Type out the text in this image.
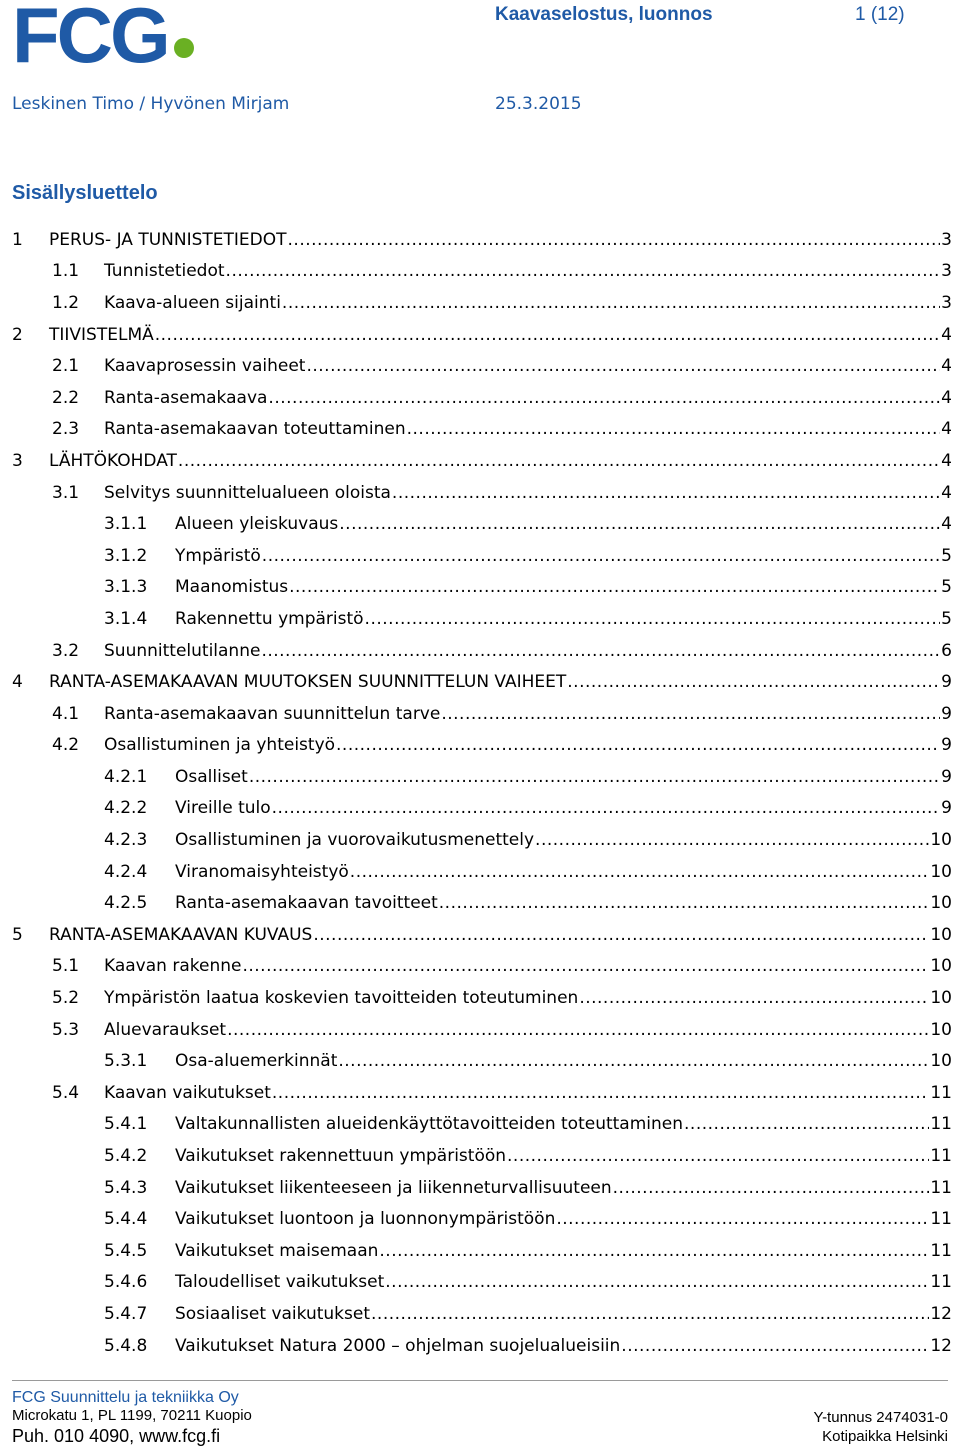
FCG	Kaavaselostus, luonnos	1 (12)
Leskinen Timo / Hyvönen Mirjam	25.3.2015
Sisällysluettelo
1 PERUS- JA TUNNISTETIEDOT .....	3
1.1 Tunnistetiedot .....	3
1.2 Kaava-alueen sijainti .....	3
2 TIIVISTELMÄ .....	4
2.1 Kaavaprosessin vaiheet .....	4
2.2 Ranta-asemakaava .....	4
2.3 Ranta-asemakaavan toteuttaminen .....	4
3 LÄHTÖKOHDAT .....	4
3.1 Selvitys suunnittelualueen oloista .....	4
3.1.1 Alueen yleiskuvaus .....	4
3.1.2 Ympäristö .....	5
3.1.3 Maanomistus .....	5
3.1.4 Rakennettu ympäristö .....	5
3.2 Suunnittelutilanne .....	6
4 RANTA-ASEMAKAAVAN MUUTOKSEN SUUNNITTELUN VAIHEET .....	9
4.1 Ranta-asemakaavan suunnittelun tarve .....	9
4.2 Osallistuminen ja yhteistyö .....	9
4.2.1 Osalliset .....	9
4.2.2 Vireille tulo .....	9
4.2.3 Osallistuminen ja vuorovaikutusmenettely .....	10
4.2.4 Viranomaisyhteistyö .....	10
4.2.5 Ranta-asemakaavan tavoitteet .....	10
5 RANTA-ASEMAKAAVAN KUVAUS .....	10
5.1 Kaavan rakenne .....	10
5.2 Ympäristön laatua koskevien tavoitteiden toteutuminen .....	10
5.3 Aluevaraukset .....	10
5.3.1 Osa-aluemerkinnät .....	10
5.4 Kaavan vaikutukset .....	11
5.4.1 Valtakunnallisten alueidenkäyttötavoitteiden toteuttaminen .....	11
5.4.2 Vaikutukset rakennettuun ympäristöön .....	11
5.4.3 Vaikutukset liikenteeseen ja liikenneturvallisuuteen .....	11
5.4.4 Vaikutukset luontoon ja luonnonympäristöön .....	11
5.4.5 Vaikutukset maisemaan .....	11
5.4.6 Taloudelliset vaikutukset .....	11
5.4.7 Sosiaaliset vaikutukset .....	12
5.4.8 Vaikutukset Natura 2000 – ohjelman suojelualueisiin .....	12
FCG Suunnittelu ja tekniikka Oy
Microkatu 1, PL 1199, 70211 Kuopio
Puh. 010 4090, www.fcg.fi
Y-tunnus 2474031-0
Kotipaikka Helsinki
